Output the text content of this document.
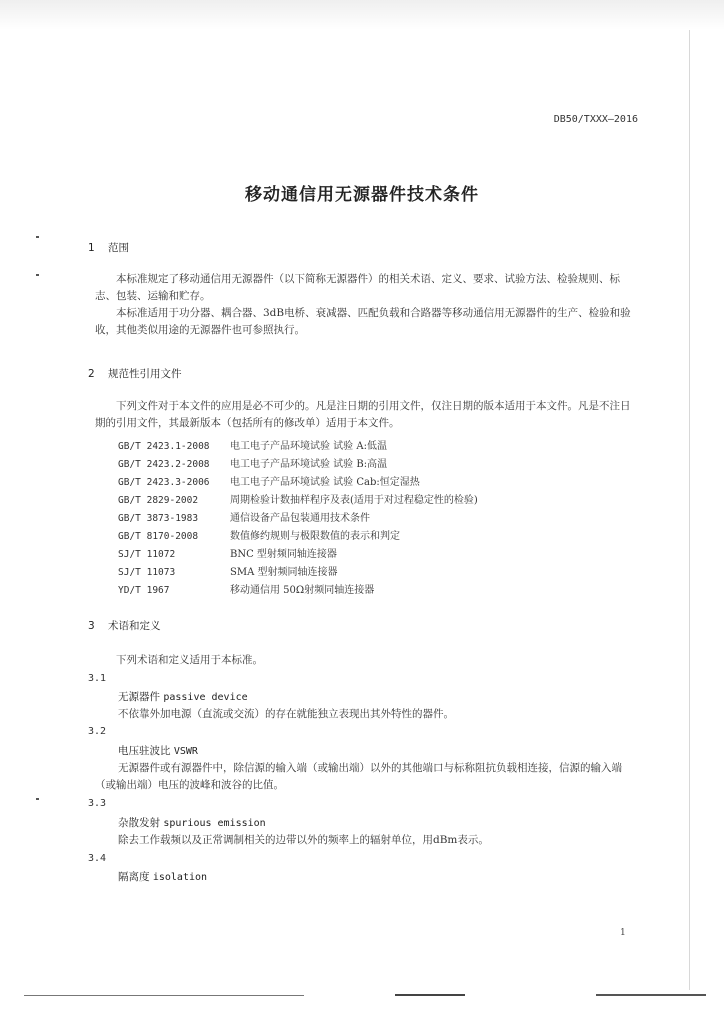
DB50/TXXX—2016
移动通信用无源器件技术条件
1 范围
本标准规定了移动通信用无源器件（以下简称无源器件）的相关术语、定义、要求、试验方法、检验规则、标志、包装、运输和贮存。
本标准适用于功分器、耦合器、3dB电桥、衰减器、匹配负载和合路器等移动通信用无源器件的生产、检验和验收，其他类似用途的无源器件也可参照执行。
2 规范性引用文件
下列文件对于本文件的应用是必不可少的。凡是注日期的引用文件，仅注日期的版本适用于本文件。凡是不注日期的引用文件，其最新版本（包括所有的修改单）适用于本文件。
GB/T 2423.1-2008 电工电子产品环境试验 试验 A:低温
GB/T 2423.2-2008 电工电子产品环境试验 试验 B:高温
GB/T 2423.3-2006 电工电子产品环境试验 试验 Cab:恒定湿热
GB/T 2829-2002	周期检验计数抽样程序及表(适用于对过程稳定性的检验)
GB/T 3873-1983	通信设备产品包装通用技术条件
GB/T 8170-2008	数值修约规则与极限数值的表示和判定
SJ/T 11072	BNC 型射频同轴连接器
SJ/T 11073	SMA 型射频同轴连接器
YD/T 1967	移动通信用 50Ω射频同轴连接器
3 术语和定义
下列术语和定义适用于本标准。
3.1
无源器件 passive device
不依靠外加电源（直流或交流）的存在就能独立表现出其外特性的器件。
3.2
电压驻波比 VSWR
无源器件或有源器件中，除信源的输入端（或输出端）以外的其他端口与标称阻抗负载相连接，信源的输入端（或输出端）电压的波峰和波谷的比值。
3.3
杂散发射 spurious emission
除去工作载频以及正常调制相关的边带以外的频率上的辐射单位，用dBm表示。
3.4
隔离度 isolation
1
